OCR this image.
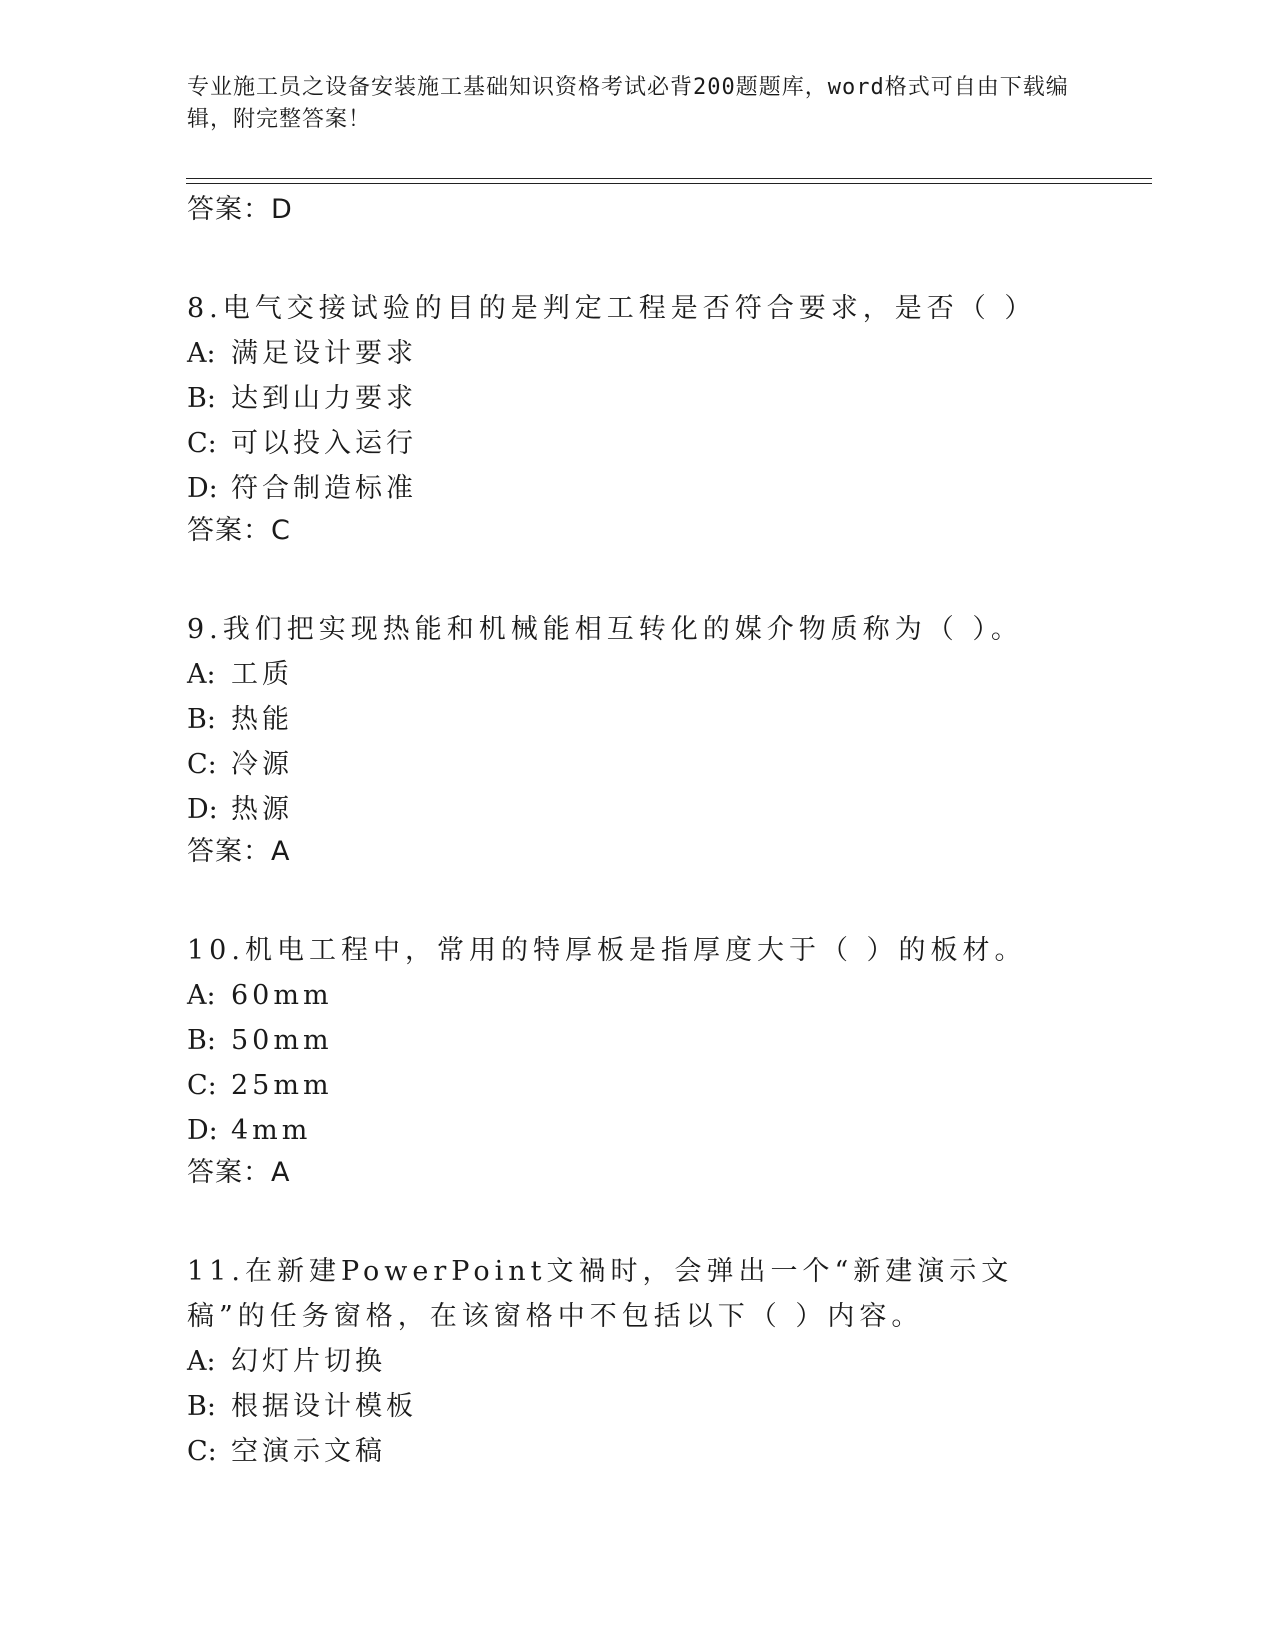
专业施工员之设备安装施工基础知识资格考试必背200题题库，word格式可自由下载编辑，附完整答案！
答案：D
8.电气交接试验的目的是判定工程是否符合要求，是否（ ）
A: 满足设计要求
B: 达到山力要求
C: 可以投入运行
D: 符合制造标准
答案：C
9.我们把实现热能和机械能相互转化的媒介物质称为（ ）。
A: 工质
B: 热能
C: 冷源
D: 热源
答案：A
10.机电工程中，常用的特厚板是指厚度大于（ ）的板材。
A: 60mm
B: 50mm
C: 25mm
D: 4mm
答案：A
11.在新建PowerPoint文禍时，会弹出一个“新建演示文稿”的任务窗格，在该窗格中不包括以下（ ）内容。
A: 幻灯片切换
B: 根据设计模板
C: 空演示文稿
